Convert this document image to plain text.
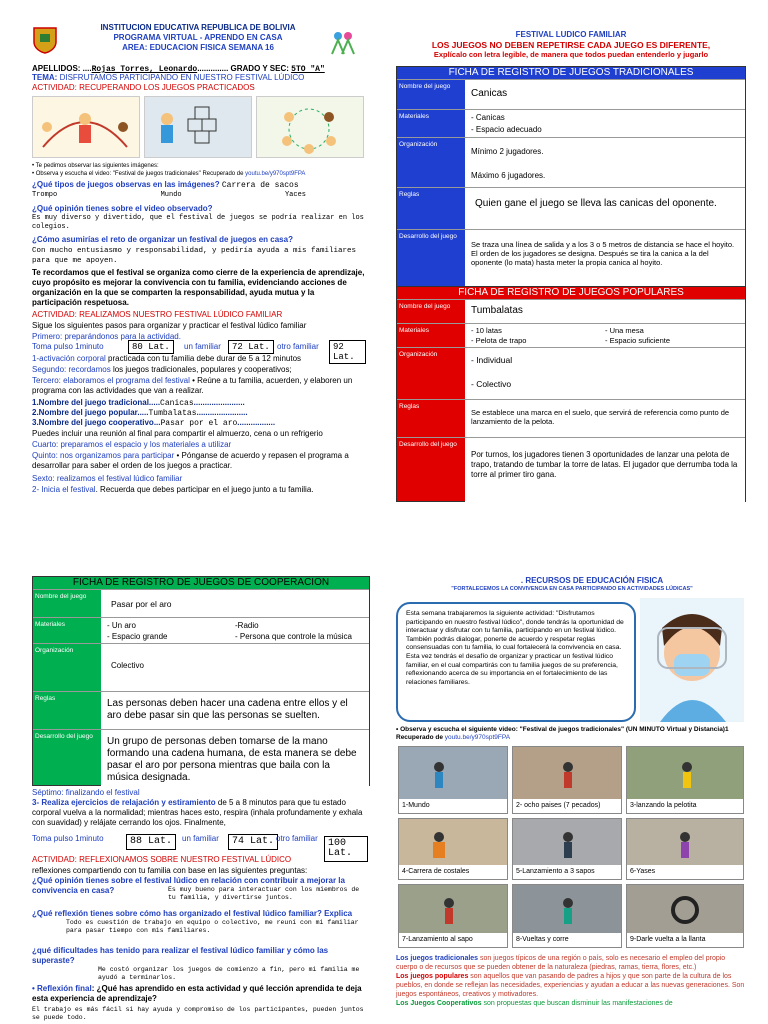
INSTITUCION EDUCATIVA REPUBLICA DE BOLIVIA
PROGRAMA VIRTUAL - APRENDO EN CASA
AREA: EDUCACION FISICA SEMANA 16
APELLIDOS: ....Rojas Torres, Leonardo.............. GRADO Y SEC: 5TO "A"
TEMA: DISFRUTAMOS PARTICIPANDO EN NUESTRO FESTIVAL LÚDICO
ACTIVIDAD: RECUPERANDO LOS JUEGOS PRACTICADOS
• Te pedimos observar las siguientes imágenes:
• Observa y escucha el video: "Festival de juegos tradicionales" Recuperado de youtu.be/y970spt9FPA
¿Qué tipos de juegos observas en las imágenes? Carrera de sacos
Trompo	Mundo	Yaces
¿Qué opinión tienes sobre el video observado?
Es muy diverso y divertido, que el festival de juegos se podría realizar en los colegios.
¿Cómo asumirías el reto de organizar un festival de juegos en casa?
Con mucho entusiasmo y responsabilidad, y pediría ayuda a mis familiares para que me apoyen.
Te recordamos que el festival se organiza como cierre de la experiencia de aprendizaje, cuyo propósito es mejorar la convivencia con tu familia, evidenciando acciones de organización en la que se comparten la responsabilidad, ayuda mutua y la participación respetuosa.
ACTIVIDAD: REALIZAMOS NUESTRO FESTIVAL LÚDICO FAMILIAR
Sigue los siguientes pasos para organizar y practicar el festival lúdico familiar
Primero: preparándonos para la actividad.
Toma pulso 1minuto	80 Lat.	un familiar	72 Lat. otro familiar	92 Lat.
1-activación corporal practicada con tu familia debe durar de 5 a 12 minutos
Segundo: recordamos los juegos tradicionales, populares y cooperativos;
Tercero: elaboramos el programa del festival • Reúne a tu familia, acuerden, y elaboren un programa con las actividades que van a realizar.
1.Nombre del juego tradicional.....Canicas.......................
2.Nombre del juego popular.....Tumbalatas.......................
3.Nombre del juego cooperativo...Pasar por el aro.................
Puedes incluir una reunión al final para compartir el almuerzo, cena o un refrigerio
Cuarto: preparamos el espacio y los materiales a utilizar
Quinto: nos organizamos para participar • Pónganse de acuerdo y repasen el programa a desarrollar para saber el orden de los juegos a practicar.
Sexto: realizamos el festival lúdico familiar
2- Inicia el festival. Recuerda que debes participar en el juego junto a tu familia.
FESTIVAL LUDICO FAMILIAR
LOS JUEGOS NO DEBEN REPETIRSE CADA JUEGO ES DIFERENTE,
Explícalo con letra legible, de manera que todos puedan entenderlo y jugarlo
FICHA DE REGISTRO DE JUEGOS TRADICIONALES
Nombre del juego
Canicas
Materiales	- Canicas
- Espacio adecuado
Organización
Mínimo 2 jugadores.
Máximo 6 jugadores.
Reglas
Quien gane el juego se lleva las canicas del oponente.
Desarrollo del juego
Se traza una línea de salida y a los 3 o 5 metros de distancia se hace el hoyito. El orden de los jugadores se designa. Después se tira la canica a la del oponente (lo mata) hasta meter la propia canica al hoyito.
FICHA DE REGISTRO DE JUEGOS POPULARES
Nombre del juego	Tumbalatas
Materiales	- 10 latas	- Una mesa
- Pelota de trapo	- Espacio suficiente
Organización
- Individual
- Colectivo
Reglas
Se establece una marca en el suelo, que servirá de referencia como punto de lanzamiento de la pelota.
Desarrollo del juego
Por turnos, los jugadores tienen 3 oportunidades de lanzar una pelota de trapo, tratando de tumbar la torre de latas. El jugador que derrumba toda la torre al primer tiro gana.
FICHA DE REGISTRO DE JUEGOS DE COOPERACION
Nombre del juego
Pasar por el aro
Materiales	- Un aro	-Radio
- Espacio grande	- Persona que controle la música
Organización
Colectivo
Reglas	Las personas deben hacer una cadena entre ellos y el aro debe pasar sin que las personas se suelten.
Desarrollo del juego	Un grupo de personas deben tomarse de la mano formando una cadena humana, de esta manera se debe pasar el aro por persona mientras que baila con la música designada.
Séptimo: finalizando el festival
3- Realiza ejercicios de relajación y estiramiento de 5 a 8 minutos para que tu estado corporal vuelva a la normalidad; mientras haces esto, respira (inhala profundamente y exhala con suavidad) y relájate cerrando los ojos. Finalmente,
Toma pulso 1minuto	88 Lat.	un familiar	74 Lat. otro familiar	100 Lat.
ACTIVIDAD: REFLEXIONAMOS SOBRE NUESTRO FESTIVAL LÚDICO
reflexiones compartiendo con tu familia con base en las siguientes preguntas:
¿Qué opinión tienes sobre el festival lúdico en relación con contribuir a mejorar la convivencia en casa?	Es muy bueno para interactuar con los miembros de tu familia, y divertirse juntos.
¿Qué reflexión tienes sobre cómo has organizado el festival lúdico familiar? Explica
Todo es cuestión de trabajo en equipo o colectivo, me reuní con mi familiar para pasar tiempo con mis familiares.
¿qué dificultades has tenido para realizar el festival lúdico familiar y cómo las superaste?
Me costó organizar los juegos de comienzo a fin, pero mi familia me ayudó a terminarlos.
• Reflexión final: ¿Qué has aprendido en esta actividad y qué lección aprendida te deja esta experiencia de aprendizaje?
El trabajo es más fácil si hay ayuda y compromiso de los participantes, pueden juntos se puede todo.
. RECURSOS DE EDUCACIÓN FISICA
"FORTALECEMOS LA CONVIVENCIA EN CASA PARTICIPANDO EN ACTIVIDADES LÚDICAS"
Esta semana trabajaremos la siguiente actividad: "Disfrutamos participando en nuestro festival lúdico", donde tendrás la oportunidad de interactuar y disfrutar con tu familia, participando en un festival lúdico. También podrás dialogar, ponerte de acuerdo y respetar reglas consensuadas con tu familia, lo cual fortalecerá la convivencia en casa. Esta vez tendrás el desafío de organizar y practicar un festival lúdico familiar, en el cual compartirás con tu familia juegos de su preferencia, reflexionando acerca de su importancia en el fortalecimiento de las relaciones familiares.
• Observa y escucha el siguiente video: "Festival de juegos tradicionales" (UN MINUTO Virtual y Distancia)1 Recuperado de youtu.be/y970spt9FPA
1-Mundo	2- ocho paises (7 pecados)	3-lanzando la pelotita
4-Carrera de costales	5-Lanzamiento a 3 sapos	6-Yases
7-Lanzamiento al sapo	8-Vueltas y corre	9-Darle vuelta a la llanta
Los juegos tradicionales son juegos típicos de una región o país, solo es necesario el empleo del propio cuerpo o de recursos que se pueden obtener de la naturaleza (piedras, ramas, tierra, flores, etc.)
Los juegos populares son aquellos que van pasando de padres a hijos y que son parte de la cultura de los pueblos, en donde se reflejan las necesidades, experiencias y ayudan a educar a las nuevas generaciones. Son juegos espontáneos, creativos y motivadores.
Los Juegos Cooperativos son propuestas que buscan disminuir las manifestaciones de
